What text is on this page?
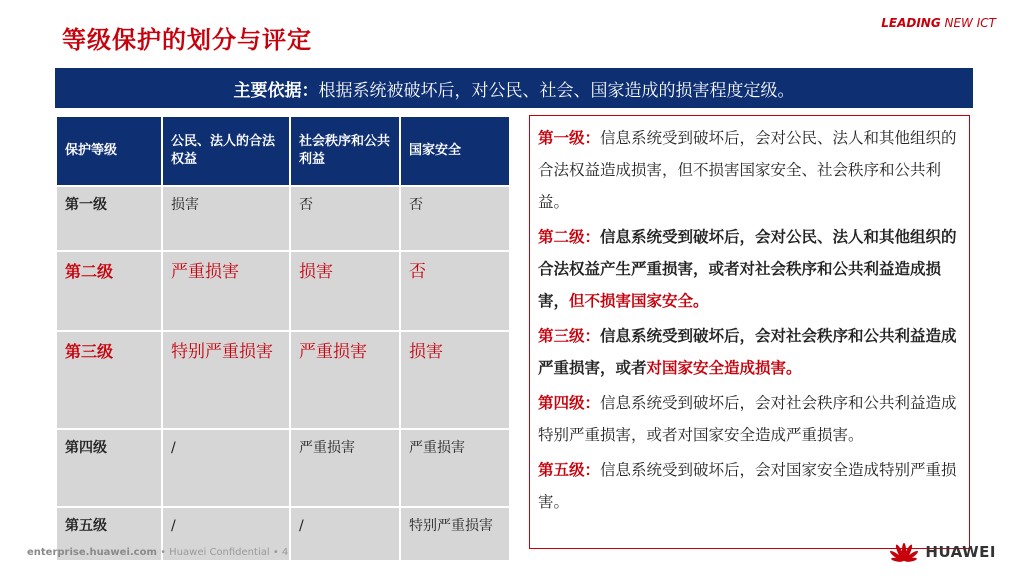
等级保护的划分与评定
LEADING NEW ICT
主要依据： 根据系统被破坏后，对公民、社会、国家造成的损害程度定级。
保护等级	公民、法人的合法权益	社会秩序和公共利益	国家安全
第一级	损害	否	否
第二级	严重损害	损害	否
第三级	特别严重损害	严重损害	损害
第四级	/	严重损害	严重损害
第五级	/	/	特别严重损害

第一级：信息系统受到破坏后，会对公民、法人和其他组织的合法权益造成损害，但不损害国家安全、社会秩序和公共利益。

第二级：信息系统受到破坏后，会对公民、法人和其他组织的合法权益产生严重损害，或者对社会秩序和公共利益造成损害，但不损害国家安全。

第三级：信息系统受到破坏后，会对社会秩序和公共利益造成严重损害，或者对国家安全造成损害。

第四级：信息系统受到破坏后，会对社会秩序和公共利益造成特别严重损害，或者对国家安全造成严重损害。

第五级：信息系统受到破坏后，会对国家安全造成特别严重损害。

enterprise.huawei.com • Huawei Confidential • 4	HUAWEI
